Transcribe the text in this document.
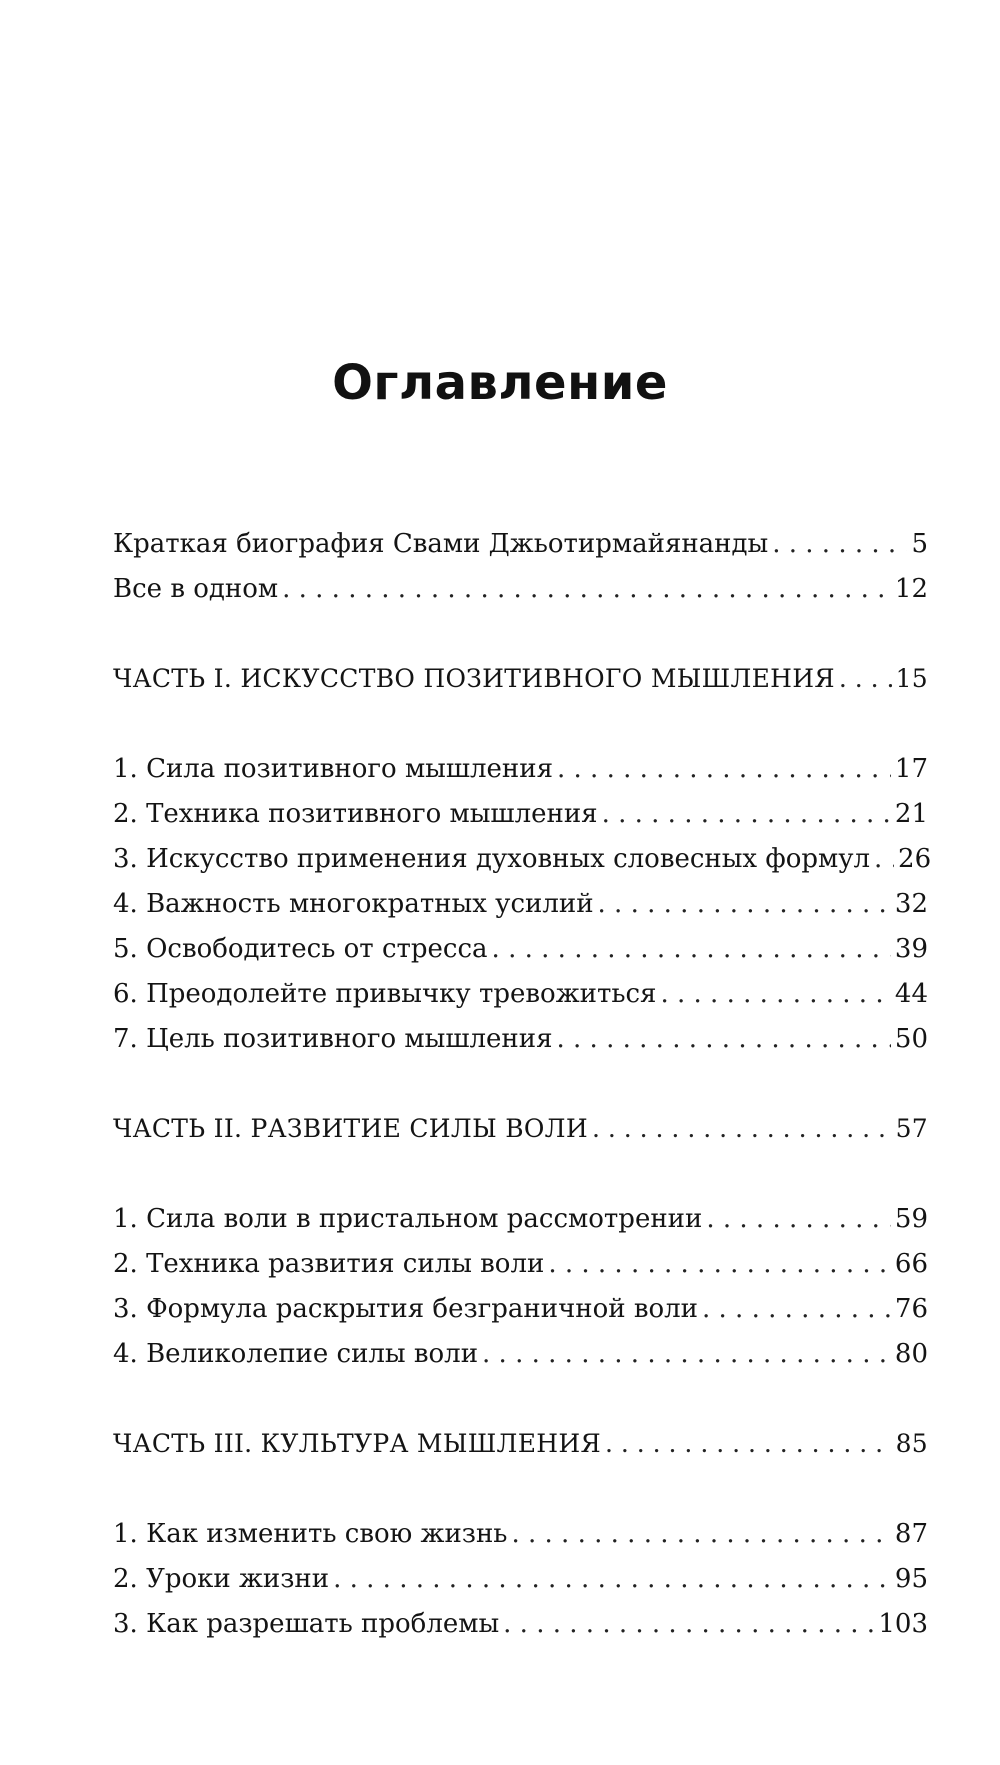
Оглавление
Краткая биография Свами Джьотирмайянанды . . .	5
Все в одном . . .	12
ЧАСТЬ I. ИСКУССТВО ПОЗИТИВНОГО МЫШЛЕНИЯ . . . 15
1. Сила позитивного мышления . . .	17
2. Техника позитивного мышления . . .	21
3. Искусство применения духовных словесных формул . . . 26
4. Важность многократных усилий . . .	32
5. Освободитесь от стресса . . .	39
6. Преодолейте привычку тревожиться . . .	44
7. Цель позитивного мышления . . .	50
ЧАСТЬ II. РАЗВИТИЕ СИЛЫ ВОЛИ . . .	57
1. Сила воли в пристальном рассмотрении . . .	59
2. Техника развития силы воли . . .	66
3. Формула раскрытия безграничной воли . . .	76
4. Великолепие силы воли . . .	80
ЧАСТЬ III. КУЛЬТУРА МЫШЛЕНИЯ . . .	85
1. Как изменить свою жизнь . . .	87
2. Уроки жизни . . .	95
3. Как разрешать проблемы . . .	103
